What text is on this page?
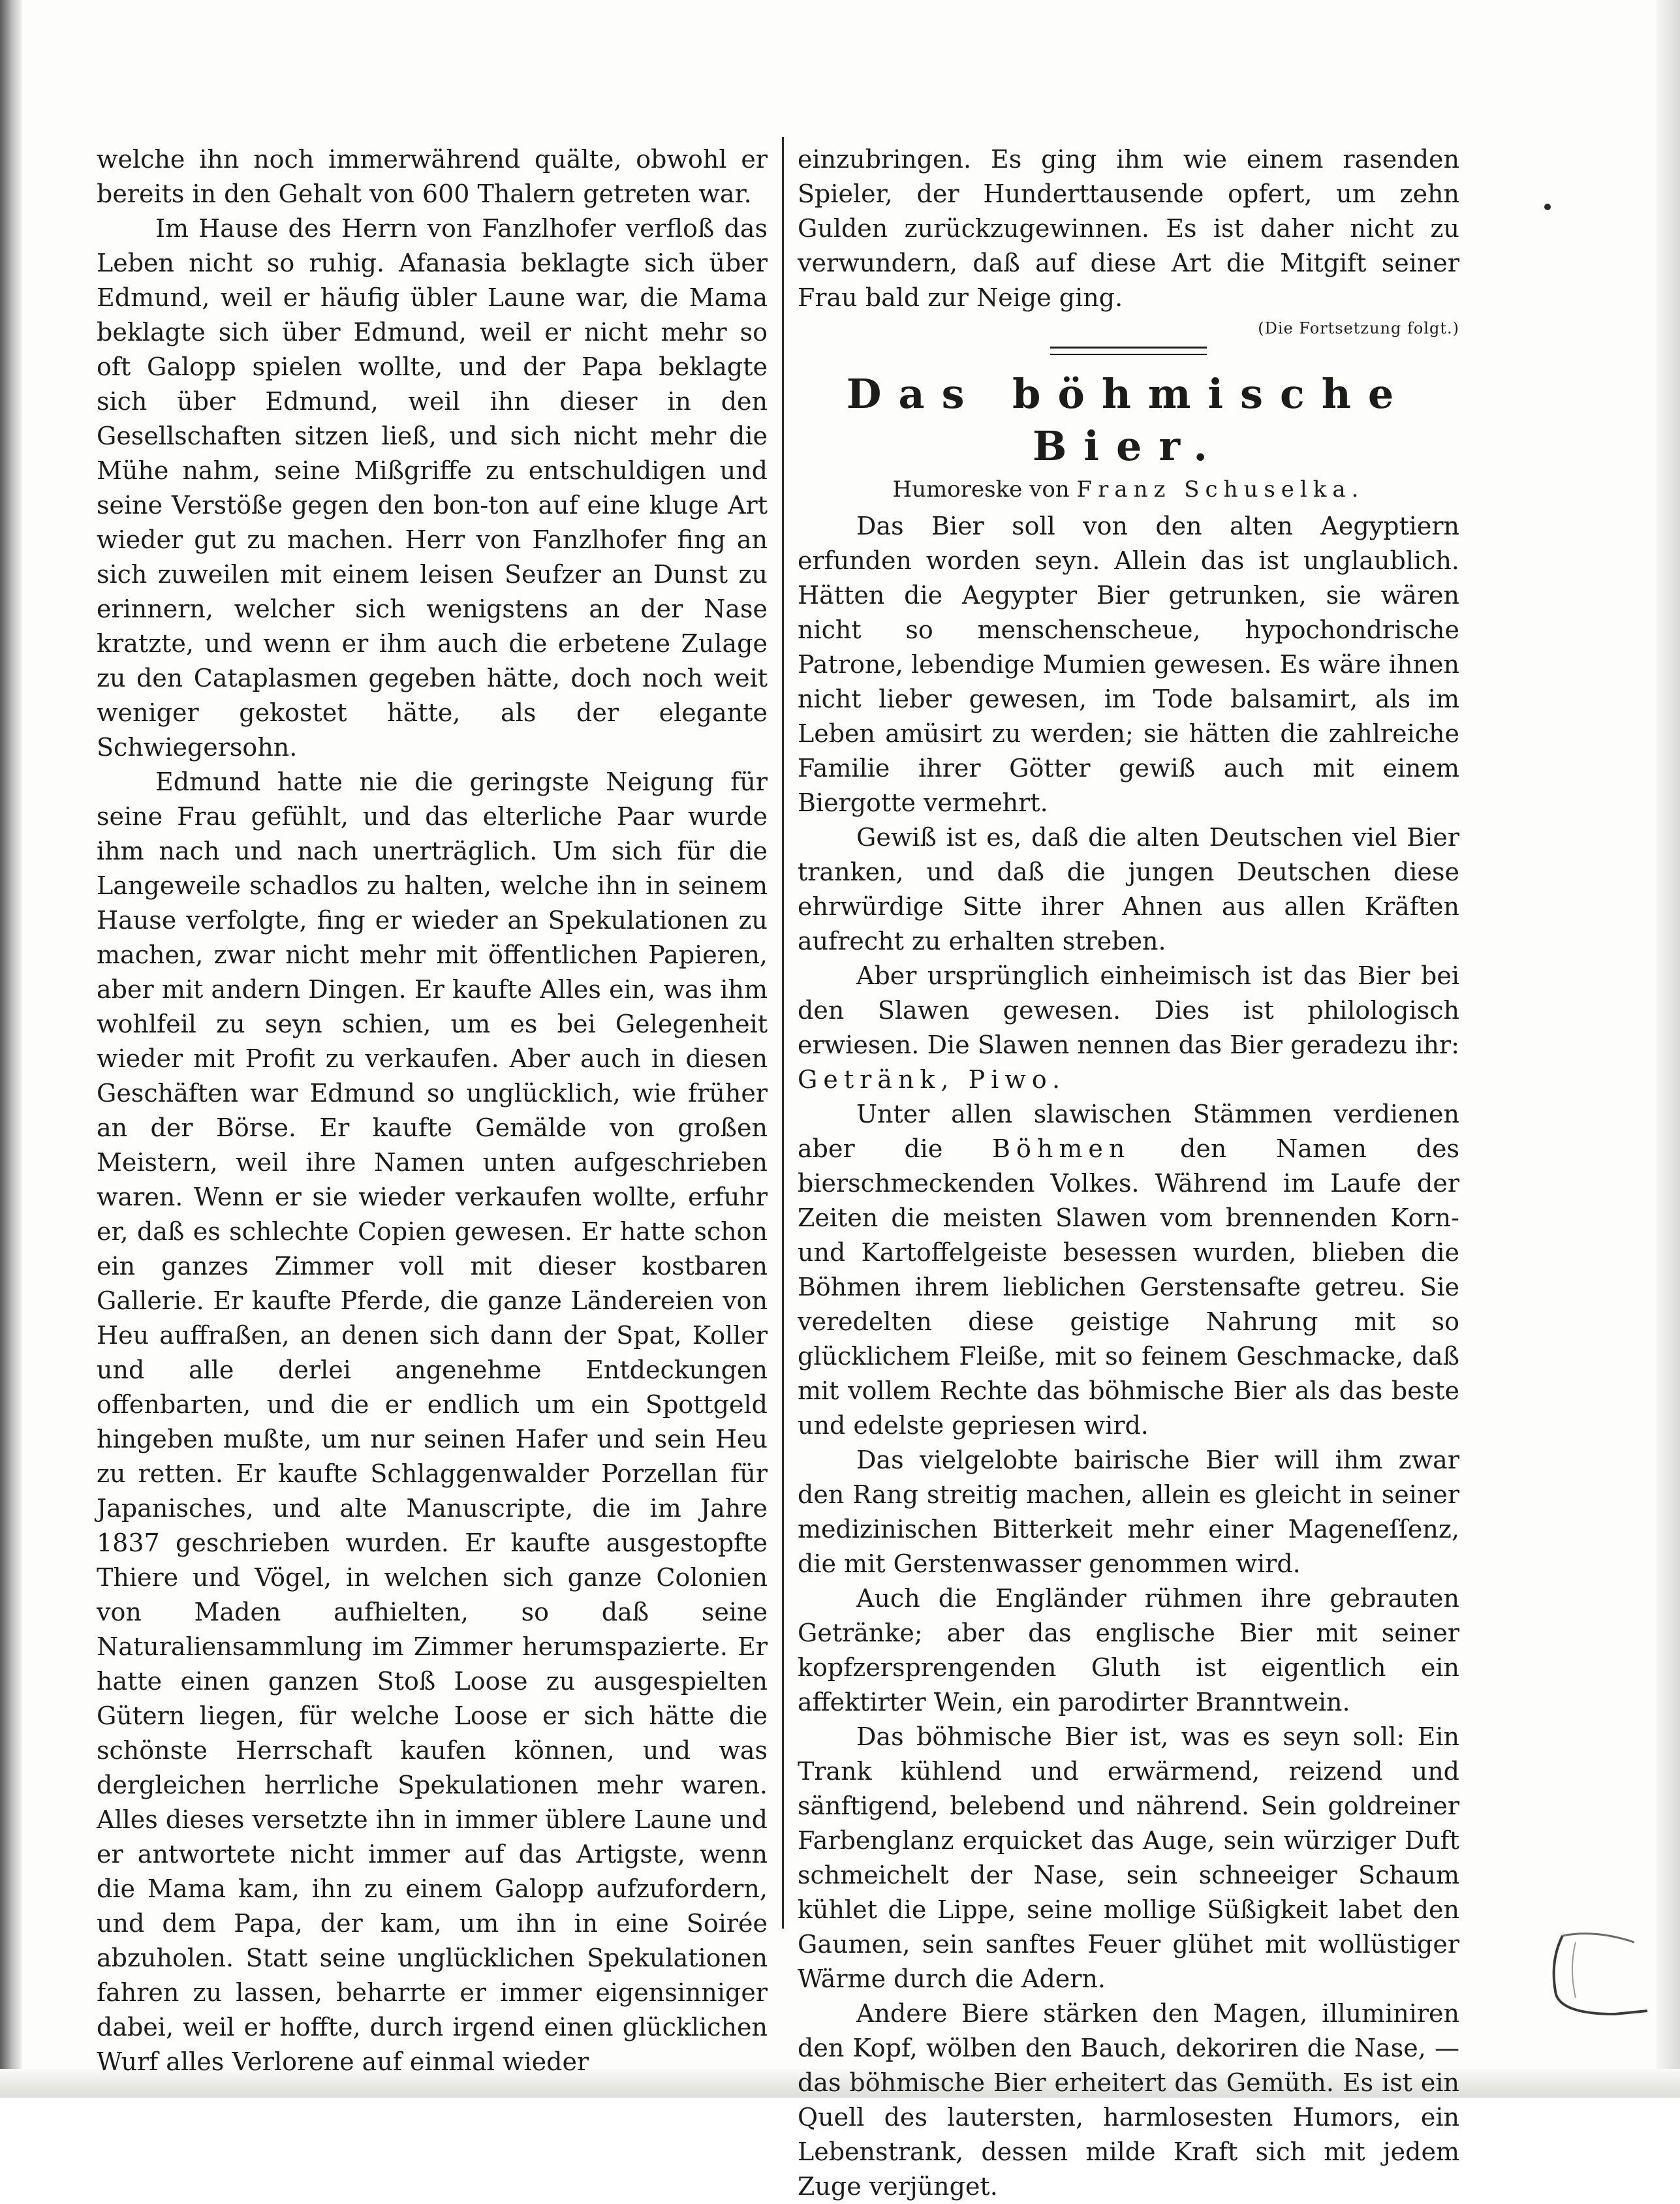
welche ihn noch immerwährend quälte, obwohl er bereits in den Gehalt von 600 Thalern getreten war.

Im Hause des Herrn von Fanzlhofer verfloß das Leben nicht so ruhig. Afanasia beklagte sich über Edmund, weil er häufig übler Laune war, die Mama beklagte sich über Edmund, weil er nicht mehr so oft Galopp spielen wollte, und der Papa beklagte sich über Edmund, weil ihn dieser in den Gesellschaften sitzen ließ, und sich nicht mehr die Mühe nahm, seine Mißgriffe zu entschuldigen und seine Verstöße gegen den bon-ton auf eine kluge Art wieder gut zu machen. Herr von Fanzlhofer fing an sich zuweilen mit einem leisen Seufzer an Dunst zu erinnern, welcher sich wenigstens an der Nase kratzte, und wenn er ihm auch die erbetene Zulage zu den Cataplasmen gegeben hätte, doch noch weit weniger gekostet hätte, als der elegante Schwiegersohn.

Edmund hatte nie die geringste Neigung für seine Frau gefühlt, und das elterliche Paar wurde ihm nach und nach unerträglich. Um sich für die Langeweile schadlos zu halten, welche ihn in seinem Hause verfolgte, fing er wieder an Spekulationen zu machen, zwar nicht mehr mit öffentlichen Papieren, aber mit andern Dingen. Er kaufte Alles ein, was ihm wohlfeil zu seyn schien, um es bei Gelegenheit wieder mit Profit zu verkaufen. Aber auch in diesen Geschäften war Edmund so unglücklich, wie früher an der Börse. Er kaufte Gemälde von großen Meistern, weil ihre Namen unten aufgeschrieben waren. Wenn er sie wieder verkaufen wollte, erfuhr er, daß es schlechte Copien gewesen. Er hatte schon ein ganzes Zimmer voll mit dieser kostbaren Gallerie. Er kaufte Pferde, die ganze Ländereien von Heu auffraßen, an denen sich dann der Spat, Koller und alle derlei angenehme Entdeckungen offenbarten, und die er endlich um ein Spottgeld hingeben mußte, um nur seinen Hafer und sein Heu zu retten. Er kaufte Schlaggenwalder Porzellan für Japanisches, und alte Manuscripte, die im Jahre 1837 geschrieben wurden. Er kaufte ausgestopfte Thiere und Vögel, in welchen sich ganze Colonien von Maden aufhielten, so daß seine Naturaliensammlung im Zimmer herumspazierte. Er hatte einen ganzen Stoß Loose zu ausgespielten Gütern liegen, für welche Loose er sich hätte die schönste Herrschaft kaufen können, und was dergleichen herrliche Spekulationen mehr waren. Alles dieses versetzte ihn in immer üblere Laune und er antwortete nicht immer auf das Artigste, wenn die Mama kam, ihn zu einem Galopp aufzufordern, und dem Papa, der kam, um ihn in eine Soirée abzuholen. Statt seine unglücklichen Spekulationen fahren zu lassen, beharrte er immer eigensinniger dabei, weil er hoffte, durch irgend einen glücklichen Wurf alles Verlorene auf einmal wieder

einzubringen. Es ging ihm wie einem rasenden Spieler, der Hunderttausende opfert, um zehn Gulden zurückzugewinnen. Es ist daher nicht zu verwundern, daß auf diese Art die Mitgift seiner Frau bald zur Neige ging.

(Die Fortsetzung folgt.)

Das böhmische Bier.

Humoreske von Franz Schuselka.

Das Bier soll von den alten Aegyptiern erfunden worden seyn. Allein das ist unglaublich. Hätten die Aegypter Bier getrunken, sie wären nicht so menschenscheue, hypochondrische Patrone, lebendige Mumien gewesen. Es wäre ihnen nicht lieber gewesen, im Tode balsamirt, als im Leben amüsirt zu werden; sie hätten die zahlreiche Familie ihrer Götter gewiß auch mit einem Biergotte vermehrt.

Gewiß ist es, daß die alten Deutschen viel Bier tranken, und daß die jungen Deutschen diese ehrwürdige Sitte ihrer Ahnen aus allen Kräften aufrecht zu erhalten streben.

Aber ursprünglich einheimisch ist das Bier bei den Slawen gewesen. Dies ist philologisch erwiesen. Die Slawen nennen das Bier geradezu ihr: Getränk, Piwo.

Unter allen slawischen Stämmen verdienen aber die Böhmen den Namen des bierschmeckenden Volkes. Während im Laufe der Zeiten die meisten Slawen vom brennenden Korn- und Kartoffelgeiste besessen wurden, blieben die Böhmen ihrem lieblichen Gerstensafte getreu. Sie veredelten diese geistige Nahrung mit so glücklichem Fleiße, mit so feinem Geschmacke, daß mit vollem Rechte das böhmische Bier als das beste und edelste gepriesen wird.

Das vielgelobte bairische Bier will ihm zwar den Rang streitig machen, allein es gleicht in seiner medizinischen Bitterkeit mehr einer Mageneſſenz, die mit Gerstenwasser genommen wird.

Auch die Engländer rühmen ihre gebrauten Getränke; aber das englische Bier mit seiner kopfzersprengenden Gluth ist eigentlich ein affektirter Wein, ein parodirter Branntwein.

Das böhmische Bier ist, was es seyn soll: Ein Trank kühlend und erwärmend, reizend und sänftigend, belebend und nährend. Sein goldreiner Farbenglanz erquicket das Auge, sein würziger Duft schmeichelt der Nase, sein schneeiger Schaum kühlet die Lippe, seine mollige Süßigkeit labet den Gaumen, sein sanftes Feuer glühet mit wollüstiger Wärme durch die Adern.

Andere Biere stärken den Magen, illuminiren den Kopf, wölben den Bauch, dekoriren die Nase, — das böhmische Bier erheitert das Gemüth. Es ist ein Quell des lautersten, harmlosesten Humors, ein Lebenstrank, dessen milde Kraft sich mit jedem Zuge verjünget.
